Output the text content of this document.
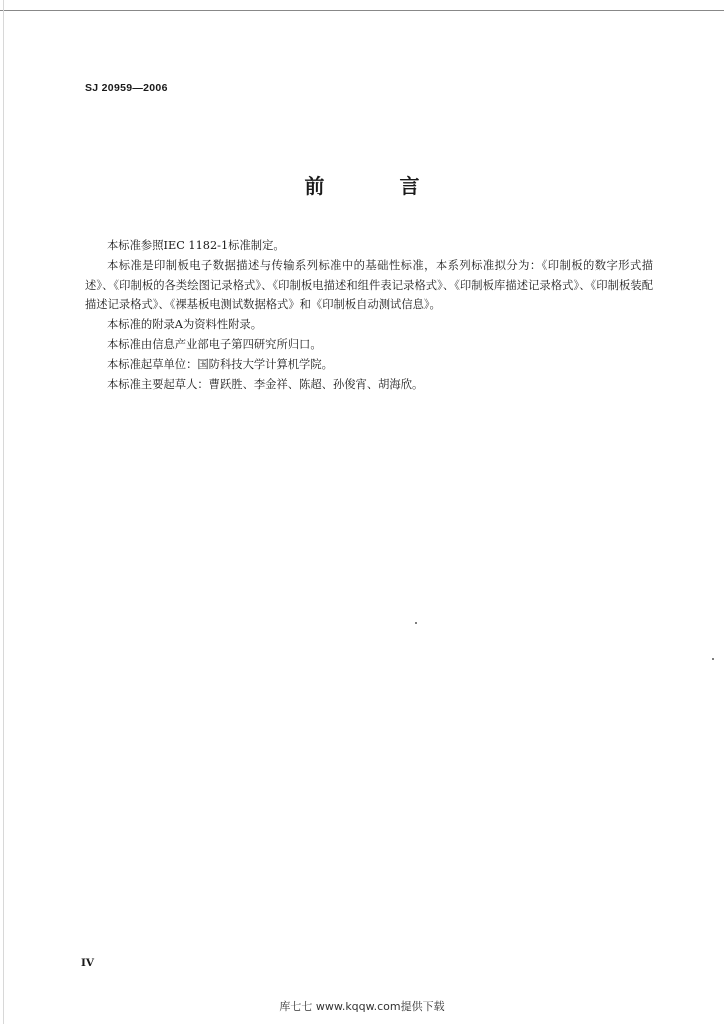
SJ 20959—2006
前 言

本标准参照IEC 1182-1标准制定。

本标准是印制板电子数据描述与传输系列标准中的基础性标准，本系列标准拟分为：《印制板的数字形式描述》、《印制板的各类绘图记录格式》、《印制板电描述和组件表记录格式》、《印制板库描述记录格式》、《印制板装配描述记录格式》、《裸基板电测试数据格式》和《印制板自动测试信息》。

本标准的附录A为资料性附录。

本标准由信息产业部电子第四研究所归口。

本标准起草单位：国防科技大学计算机学院。

本标准主要起草人：曹跃胜、李金祥、陈超、孙俊宵、胡海欣。

IV
库七七 www.kqqw.com提供下载
